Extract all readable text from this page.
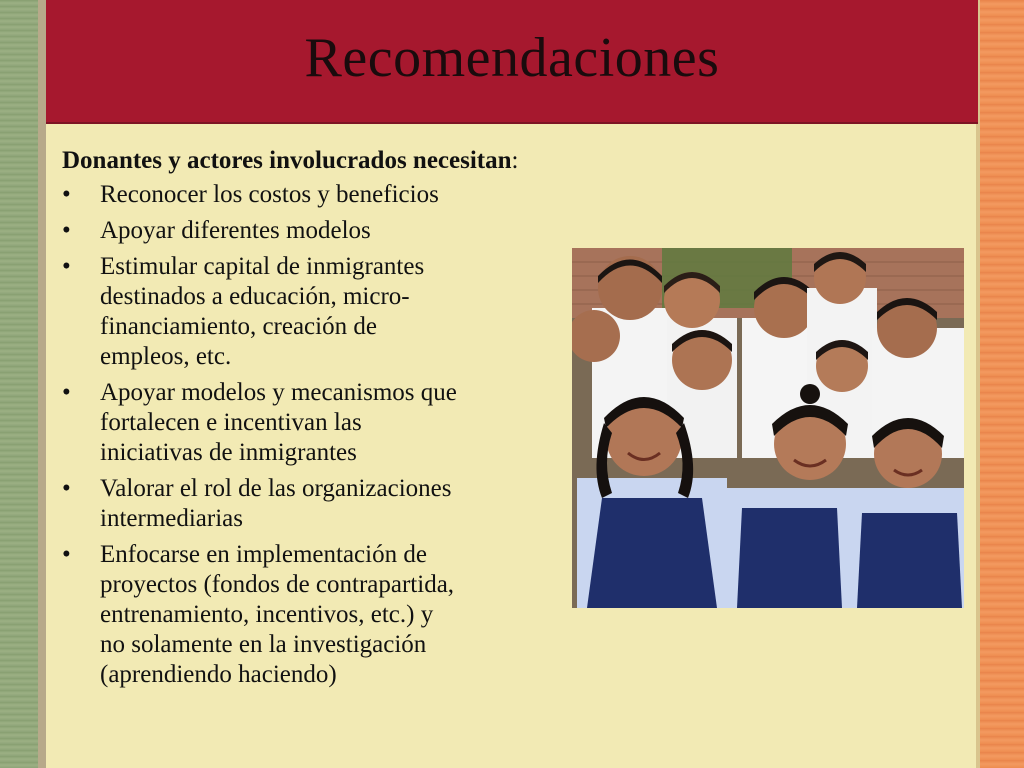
Recomendaciones
Donantes y actores involucrados necesitan:
•	Reconocer los costos y beneficios
•	Apoyar diferentes modelos
•	Estimular capital de inmigrantes
destinados a educación, micro-
financiamiento, creación de
empleos, etc.
•	Apoyar modelos y mecanismos que
fortalecen e incentivan las
iniciativas de inmigrantes
•	Valorar el rol de las organizaciones
intermediarias
•	Enfocarse en implementación de
proyectos (fondos de contrapartida,
entrenamiento, incentivos, etc.) y
no solamente en la investigación
(aprendiendo haciendo)
